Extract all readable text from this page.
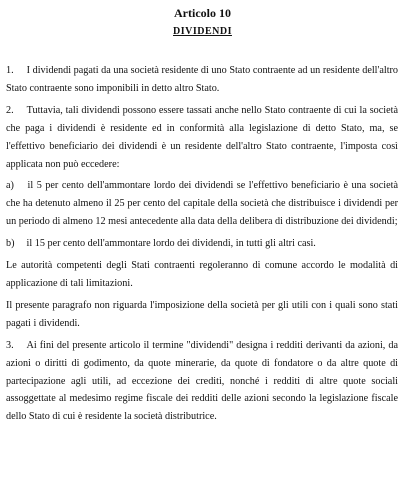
Articolo 10
DIVIDENDI

1. I dividendi pagati da una società residente di uno Stato contraente ad un residente dell'altro Stato contraente sono imponibili in detto altro Stato.

2. Tuttavia, tali dividendi possono essere tassati anche nello Stato contraente di cui la società che paga i dividendi è residente ed in conformità alla legislazione di detto Stato, ma, se l'effettivo beneficiario dei dividendi è un residente dell'altro Stato contraente, l'imposta così applicata non può eccedere:

a) il 5 per cento dell'ammontare lordo dei dividendi se l'effettivo beneficiario è una società che ha detenuto almeno il 25 per cento del capitale della società che distribuisce i dividendi per un periodo di almeno 12 mesi antecedente alla data della delibera di distribuzione dei dividendi;

b) il 15 per cento dell'ammontare lordo dei dividendi, in tutti gli altri casi.

Le autorità competenti degli Stati contraenti regoleranno di comune accordo le modalità di applicazione di tali limitazioni.

Il presente paragrafo non riguarda l'imposizione della società per gli utili con i quali sono stati pagati i dividendi.

3. Ai fini del presente articolo il termine "dividendi" designa i redditi derivanti da azioni, da azioni o diritti di godimento, da quote minerarie, da quote di fondatore o da altre quote di partecipazione agli utili, ad eccezione dei crediti, nonché i redditi di altre quote sociali assoggettate al medesimo regime fiscale dei redditi delle azioni secondo la legislazione fiscale dello Stato di cui è residente la società distributrice.
